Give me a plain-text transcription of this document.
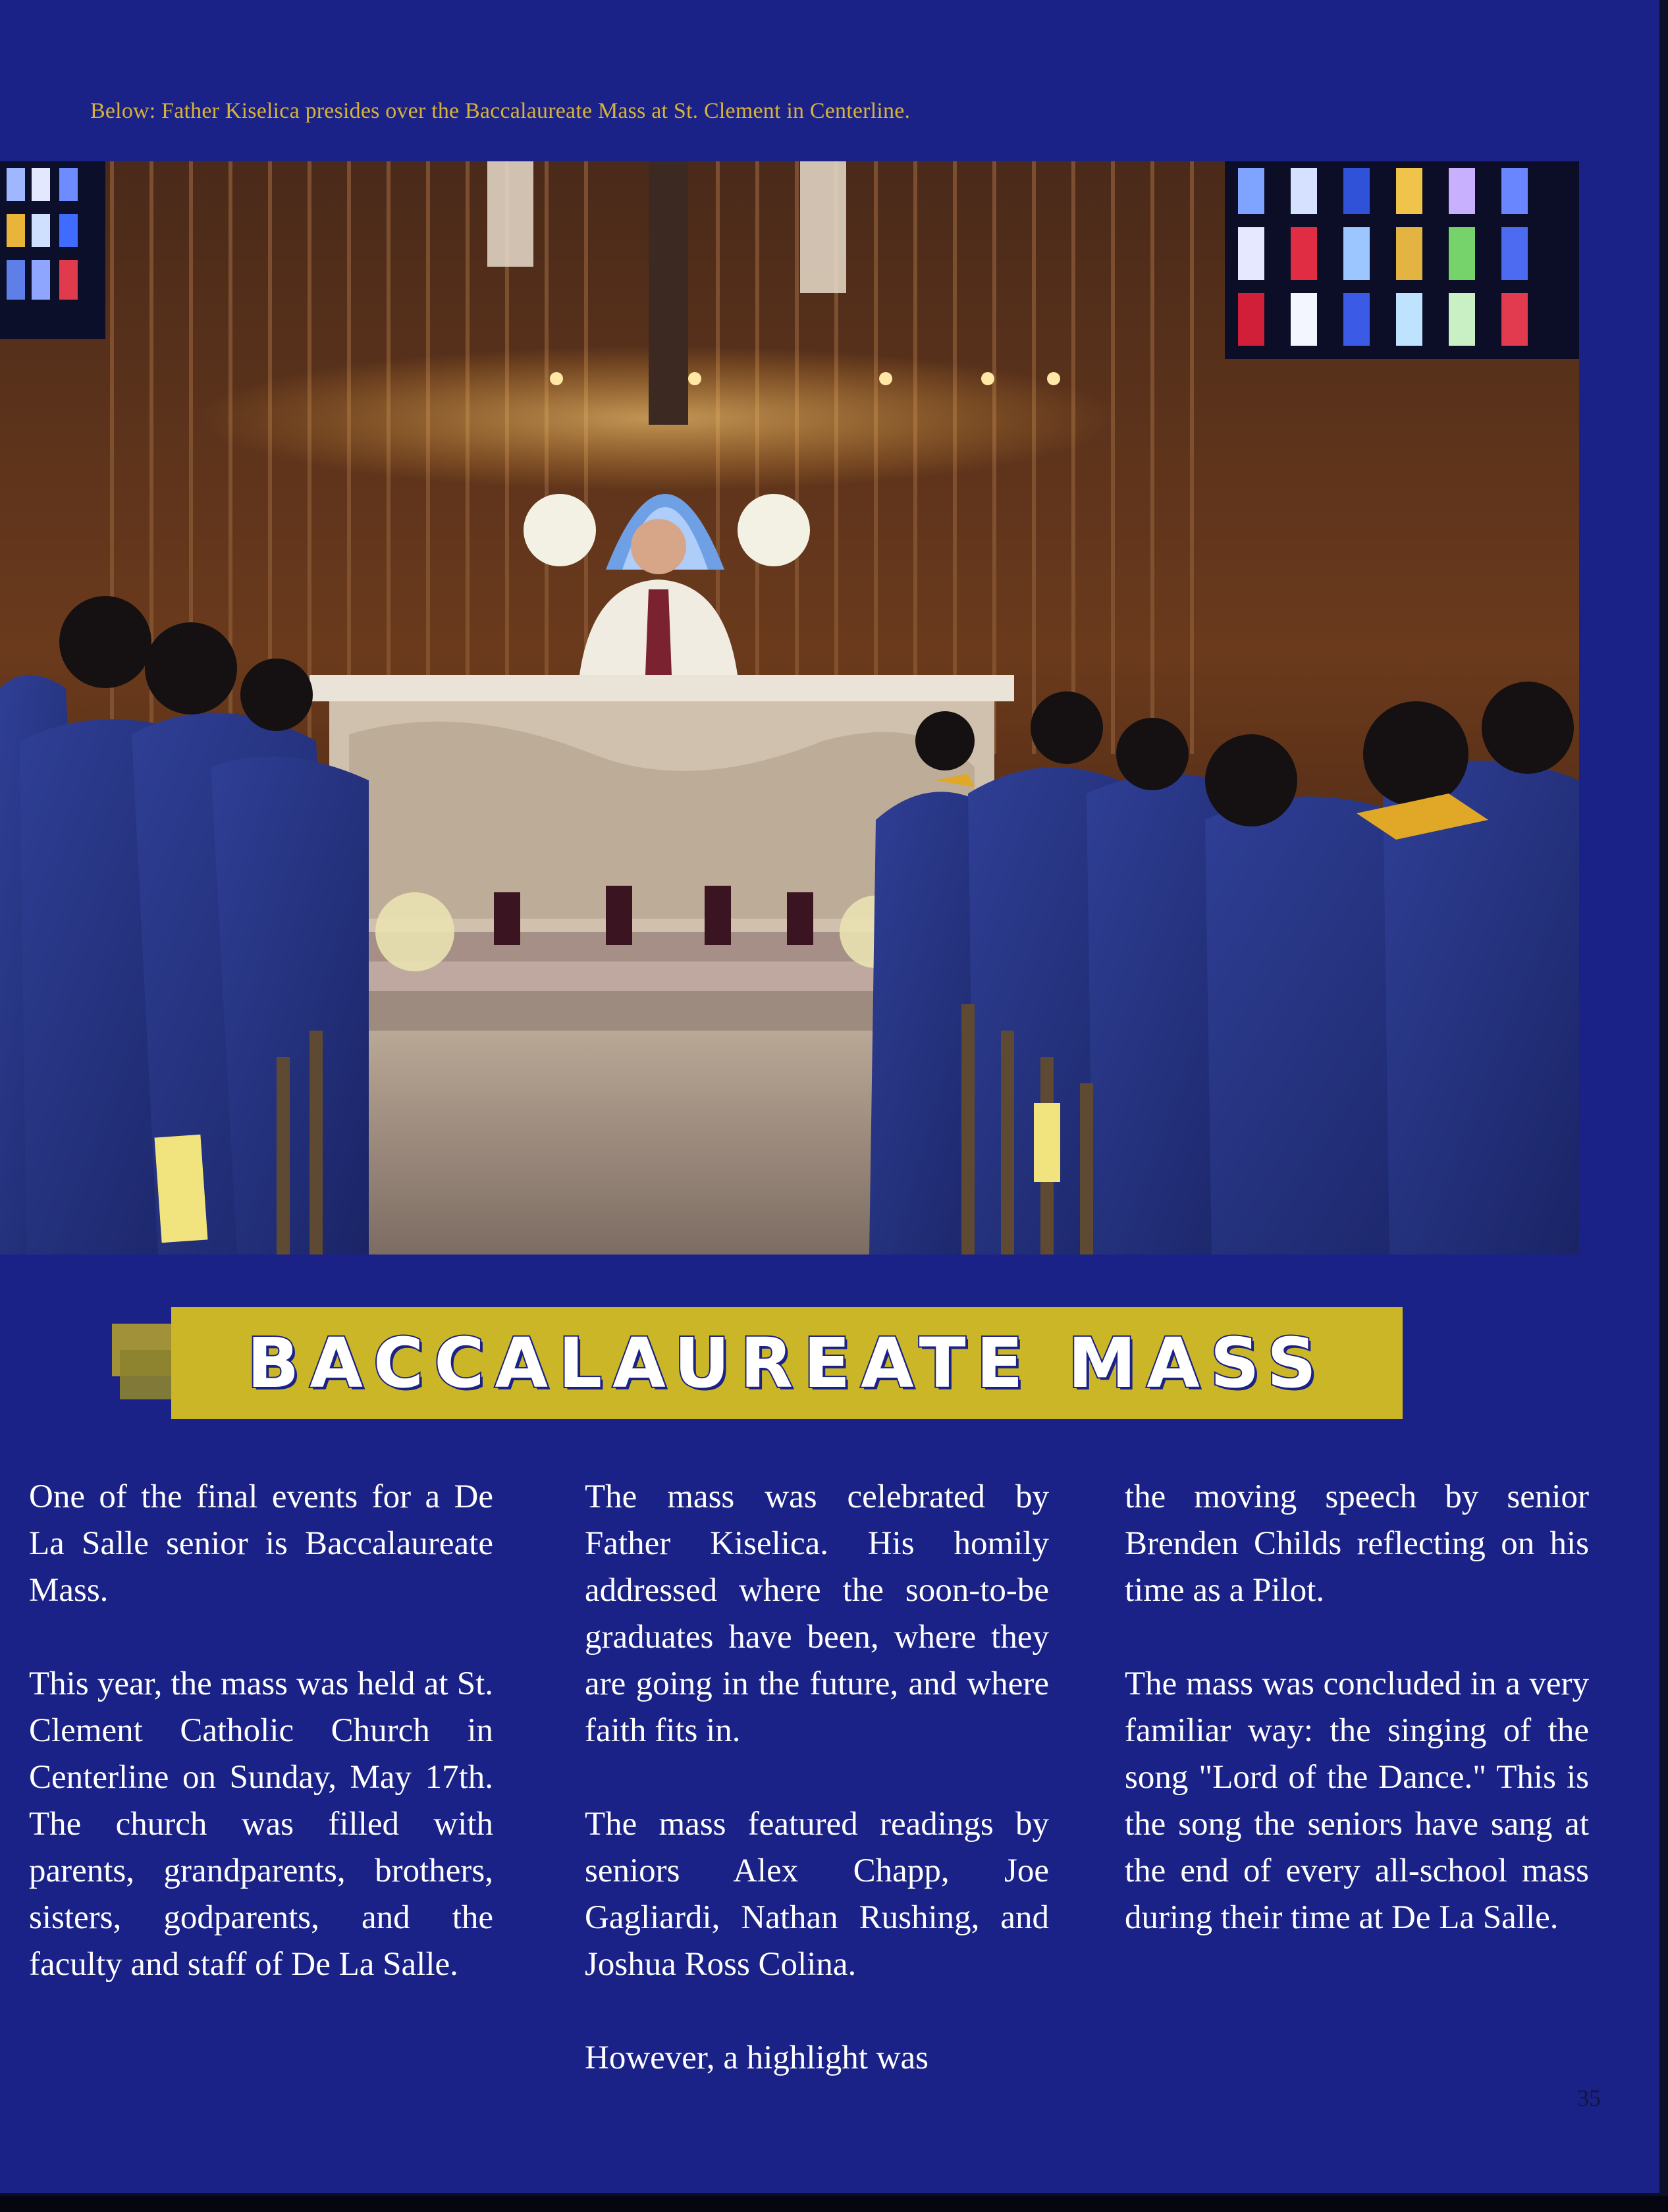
Below: Father Kiselica presides over the Baccalaureate Mass at St. Clement in Centerline.
BACCALAUREATE MASS

One of the final events for a De La Salle senior is Baccalaureate Mass.

This year, the mass was held at St. Clement Catholic Church in Centerline on Sunday, May 17th. The church was filled with parents, grandparents, brothers, sisters, godparents, and the faculty and staff of De La Salle.

The mass was celebrated by Father Kiselica. His homily addressed where the soon-to-be graduates have been, where they are going in the future, and where faith fits in.

The mass featured readings by seniors Alex Chapp, Joe Gagliardi, Nathan Rushing, and Joshua Ross Colina.

However, a highlight was

the moving speech by senior Brenden Childs reflecting on his time as a Pilot.

The mass was concluded in a very familiar way: the singing of the song "Lord of the Dance." This is the song the seniors have sang at the end of every all-school mass during their time at De La Salle.

35
